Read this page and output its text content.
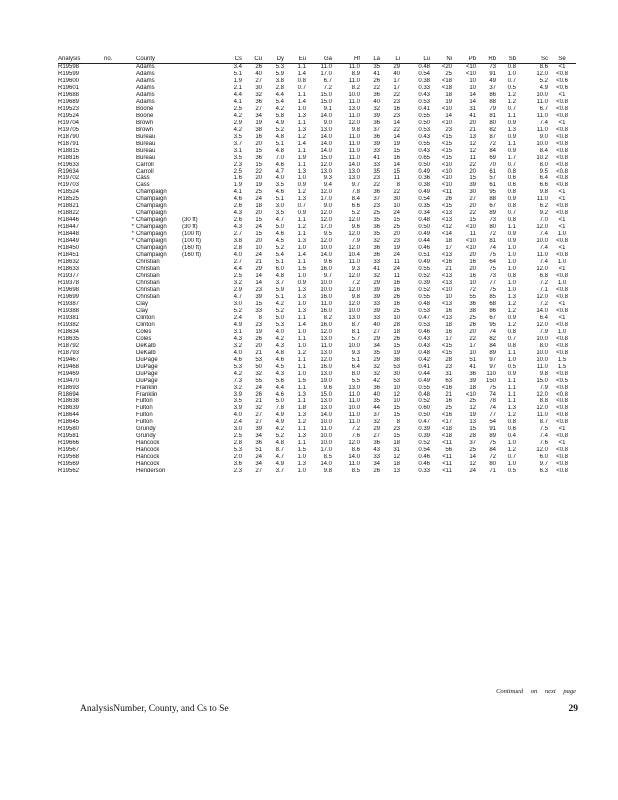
Analysis	no.	County		Cs	Cu	Dy	Eu	Ga	Hf	La	Li	Lu	Ni	Pb	Rb	Sb	Sc	Se
R19598		Adams		3.4	26	5.3	1.1	11.0	11.0	35	29	0.48	<20	<10	73	0.8	8.6	<1
R19599		Adams		5.1	40	5.9	1.4	17.0	8.9	41	40	0.54	25	<10	91	1.0	12.0	<0.8
R19600		Adams		1.9	27	3.8	0.8	6.7	11.0	26	17	0.38	<18	10	49	0.7	5.2	<0.6
R19601		Adams		2.1	30	2.8	0.7	7.2	8.2	22	17	0.33	<18	10	37	0.5	4.9	<0.6
R19688		Adams		4.4	32	4.4	1.1	15.0	10.0	36	22	0.43	18	14	86	1.2	10.0	<1
R19689		Adams		4.1	36	5.4	1.4	15.0	11.0	40	23	0.53	19	14	88	1.2	11.0	<0.8
R19523		Boone		2.5	27	4.2	1.0	9.1	13.0	32	16	0.41	<10	31	79	0.7	6.7	<0.8
R19524		Boone		4.2	34	5.8	1.3	14.0	11.0	39	23	0.55	14	41	81	1.1	11.0	<0.8
R19704		Brown		2.9	19	4.9	1.1	9.0	12.0	36	14	0.50	<10	20	80	0.9	7.4	<1
R19705		Brown		4.2	38	5.2	1.3	13.0	9.8	37	22	0.53	23	21	82	1.3	11.0	<0.8
R18790		Bureau		3.5	16	4.8	1.2	14.0	11.0	36	14	0.43	<15	13	87	0.9	9.0	<0.8
R18791		Bureau		3.7	20	5.1	1.4	14.0	11.0	39	19	0.55	<15	12	72	1.1	10.0	<0.8
R18815		Bureau		3.1	15	4.8	1.1	14.0	11.0	33	15	0.43	<15	12	84	0.9	8.4	<0.8
R18816		Bureau		3.5	36	7.0	1.9	15.0	11.0	41	16	0.65	<15	11	69	1.7	10.2	<0.8
R19633		Carroll		2.3	15	4.6	1.1	12.0	14.0	33	14	0.50	<10	22	70	0.7	8.0	<0.8
R19634		Carroll		2.5	22	4.7	1.3	13.0	13.0	35	15	0.49	<10	20	61	0.8	9.5	<0.8
R19702		Cass		1.6	20	4.0	1.0	9.3	13.0	23	11	0.36	<10	15	57	0.6	6.4	<0.8
R19703		Cass		1.9	19	3.5	0.9	9.4	9.7	22	8	0.38	<10	39	61	0.6	6.6	<0.8
R18524		Champaign		4.1	25	4.6	1.2	12.0	7.8	36	22	0.49	<11	30	95	0.8	9.8	<1
R18525		Champaign		4.6	24	5.1	1.3	17.0	8.4	37	30	0.54	26	27	88	0.9	11.0	<1
R18821		Champaign		2.6	18	3.0	0.7	9.0	6.6	23	10	0.35	<15	20	67	0.8	6.2	<0.8
R18822		Champaign		4.3	20	3.5	0.9	12.0	5.2	25	24	0.34	<13	22	89	0.7	9.2	<0.8
R18446	*	Champaign	(30 ft)	2.6	15	4.7	1.1	12.0	12.0	35	15	0.48	<13	15	73	0.8	7.0	<1
R18447	*	Champaign	(30 ft)	4.3	24	5.0	1.2	17.0	9.6	36	25	0.50	<12	<10	80	1.1	12.0	<1
R18448	*	Champaign	(100 ft)	2.7	15	4.6	1.1	9.5	12.0	35	20	0.49	<14	11	72	0.9	7.4	1.0
R18449	*	Champaign	(100 ft)	3.8	20	4.5	1.3	12.0	7.9	32	23	0.44	18	<10	81	0.9	10.0	<0.8
R18450		Champaign	(160 ft)	2.8	10	5.2	1.0	10.0	12.0	36	19	0.46	17	<10	74	1.0	7.4	<1
R18451		Champaign	(160 ft)	4.0	24	5.4	1.4	14.0	10.4	36	24	0.51	<13	20	75	1.0	11.0	<0.8
R18632		Christian		2.7	21	5.1	1.1	9.6	11.0	33	11	0.49	<16	16	64	1.0	7.4	1.0
R18633		Christian		4.4	29	6.0	1.5	16.0	9.3	41	24	0.55	21	20	75	1.0	12.0	<1
R19377		Christian		2.5	14	4.8	1.0	9.7	12.0	32	11	0.52	<13	16	73	0.8	6.8	<0.8
R19378		Christian		3.2	14	3.7	0.9	10.0	7.2	29	16	0.39	<13	10	77	1.0	7.2	1.0
R19698		Christian		2.9	23	5.9	1.3	10.0	12.0	39	16	0.52	<10	72	75	1.0	7.1	<0.8
R19699		Christian		4.7	39	5.1	1.3	16.0	9.8	39	26	0.55	10	55	85	1.3	12.0	<0.8
R19387		Clay		3.0	15	4.2	1.0	11.0	12.0	33	16	0.48	<13	36	68	1.2	7.2	<1
R19388		Clay		5.2	33	5.2	1.3	16.0	10.0	39	25	0.53	16	38	86	1.2	14.0	<0.8
R19381		Clinton		2.4	8	5.0	1.1	8.2	13.0	33	10	0.47	<13	25	67	0.9	6.4	<1
R19382		Clinton		4.9	23	5.3	1.4	16.0	8.7	40	28	0.53	18	26	95	1.2	12.0	<0.8
R18634		Coles		3.1	19	4.0	1.0	12.0	8.1	27	18	0.46	16	20	74	0.8	7.9	1.0
R18635		Coles		4.3	26	4.2	1.1	13.0	5.7	29	26	0.43	17	22	82	0.7	10.0	<0.8
R18792		DeKalb		3.2	20	4.3	1.0	11.0	10.0	34	15	0.43	<15	17	84	0.8	8.0	<0.8
R18793		DeKalb		4.0	21	4.8	1.2	13.0	9.3	35	19	0.48	<15	10	89	1.1	10.0	<0.8
R19467		DuPage		4.6	53	4.6	1.1	12.0	5.1	29	38	0.42	28	51	97	1.0	10.0	1.5
R19468		DuPage		5.3	50	4.5	1.1	16.0	6.4	32	53	0.41	23	41	97	0.5	11.0	1.5
R19469		DuPage		4.2	32	4.3	1.0	13.0	8.0	32	30	0.44	31	36	110	0.9	9.8	<0.8
R19470		DuPage		7.3	55	5.6	1.5	19.0	5.5	42	53	0.49	63	39	150	1.1	15.0	<0.5
R18693		Franklin		3.2	24	4.4	1.1	9.6	13.0	36	10	0.55	<16	18	75	1.1	7.9	<0.8
R18694		Franklin		3.9	26	4.6	1.3	15.0	11.0	40	12	0.48	21	<10	74	1.1	12.0	<0.8
R18638		Fulton		3.5	21	5.0	1.1	13.0	11.0	35	10	0.52	16	25	78	1.1	8.8	<0.8
R18639		Fulton		3.9	32	7.8	1.8	13.0	10.0	44	15	0.60	25	12	74	1.3	12.0	<0.8
R18644		Fulton		4.0	27	4.9	1.3	14.0	11.0	37	15	0.50	<16	19	77	1.2	11.0	<0.8
R18645		Fulton		2.4	27	4.9	1.2	10.0	11.0	32	8	0.47	<17	13	54	0.8	8.7	<0.8
R19580		Grundy		3.0	39	4.2	1.1	11.0	7.2	29	23	0.39	<18	15	91	0.6	7.5	<1
R19581		Grundy		2.5	34	5.2	1.3	10.0	7.6	27	15	0.39	<18	28	89	0.4	7.4	<0.8
R19666		Hancock		2.8	36	4.8	1.1	10.0	12.0	36	18	0.52	<11	37	75	1.0	7.6	<1
R19567		Hancock		5.3	51	8.7	1.5	17.0	8.6	43	31	0.54	56	25	84	1.2	12.0	<0.8
R19568		Hancock		2.0	24	4.7	1.0	8.5	14.0	33	12	0.46	<11	14	72	0.7	6.0	<0.8
R19569		Hancock		3.6	34	4.9	1.3	14.0	11.0	34	18	0.46	<11	12	80	1.0	9.7	<0.8
R19562		Henderson		2.3	27	3.7	1.0	9.8	8.5	26	13	0.33	<11	24	71	0.5	6.3	<0.8
Continued on next page
AnalysisNumber, County, and Cs to Se	29
